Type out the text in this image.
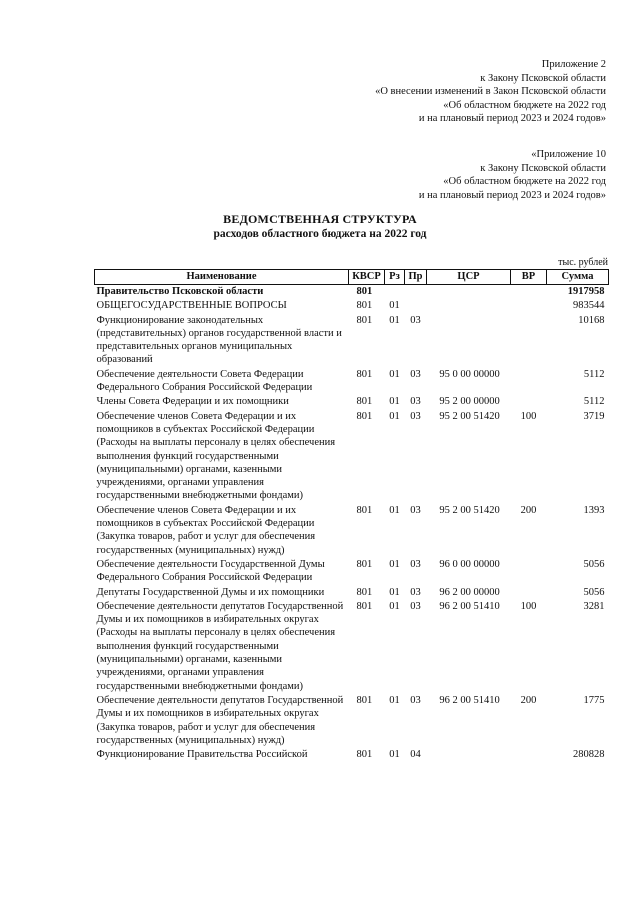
Приложение 2
к Закону Псковской области
«О внесении изменений в Закон Псковской области
«Об областном бюджете на 2022 год
и на плановый период 2023 и 2024 годов»
«Приложение 10
к Закону Псковской области
«Об областном бюджете на 2022 год
и на плановый период 2023 и 2024 годов»
ВЕДОМСТВЕННАЯ СТРУКТУРА
расходов областного бюджета на 2022 год
тыс. рублей
Наименование	КВСР	Рз	Пр	ЦСР	ВР	Сумма
Правительство Псковской области	801					1917958
ОБЩЕГОСУДАРСТВЕННЫЕ ВОПРОСЫ	801	01				983544
Функционирование законодательных (представительных) органов государственной власти и представительных органов муниципальных образований	801	01	03			10168
Обеспечение деятельности Совета Федерации Федерального Собрания Российской Федерации	801	01	03	95 0 00 00000		5112
Члены Совета Федерации и их помощники	801	01	03	95 2 00 00000		5112
Обеспечение членов Совета Федерации и их помощников в субъектах Российской Федерации (Расходы на выплаты персоналу в целях обеспечения выполнения функций государственными (муниципальными) органами, казенными учреждениями, органами управления государственными внебюджетными фондами)	801	01	03	95 2 00 51420	100	3719
Обеспечение членов Совета Федерации и их помощников в субъектах Российской Федерации (Закупка товаров, работ и услуг для обеспечения государственных (муниципальных) нужд)	801	01	03	95 2 00 51420	200	1393
Обеспечение деятельности Государственной Думы Федерального Собрания Российской Федерации	801	01	03	96 0 00 00000		5056
Депутаты Государственной Думы и их помощники	801	01	03	96 2 00 00000		5056
Обеспечение деятельности депутатов Государственной Думы и их помощников в избирательных округах (Расходы на выплаты персоналу в целях обеспечения выполнения функций государственными (муниципальными) органами, казенными учреждениями, органами управления государственными внебюджетными фондами)	801	01	03	96 2 00 51410	100	3281
Обеспечение деятельности депутатов Государственной Думы и их помощников в избирательных округах (Закупка товаров, работ и услуг для обеспечения государственных (муниципальных) нужд)	801	01	03	96 2 00 51410	200	1775
Функционирование Правительства Российской	801	01	04			280828
